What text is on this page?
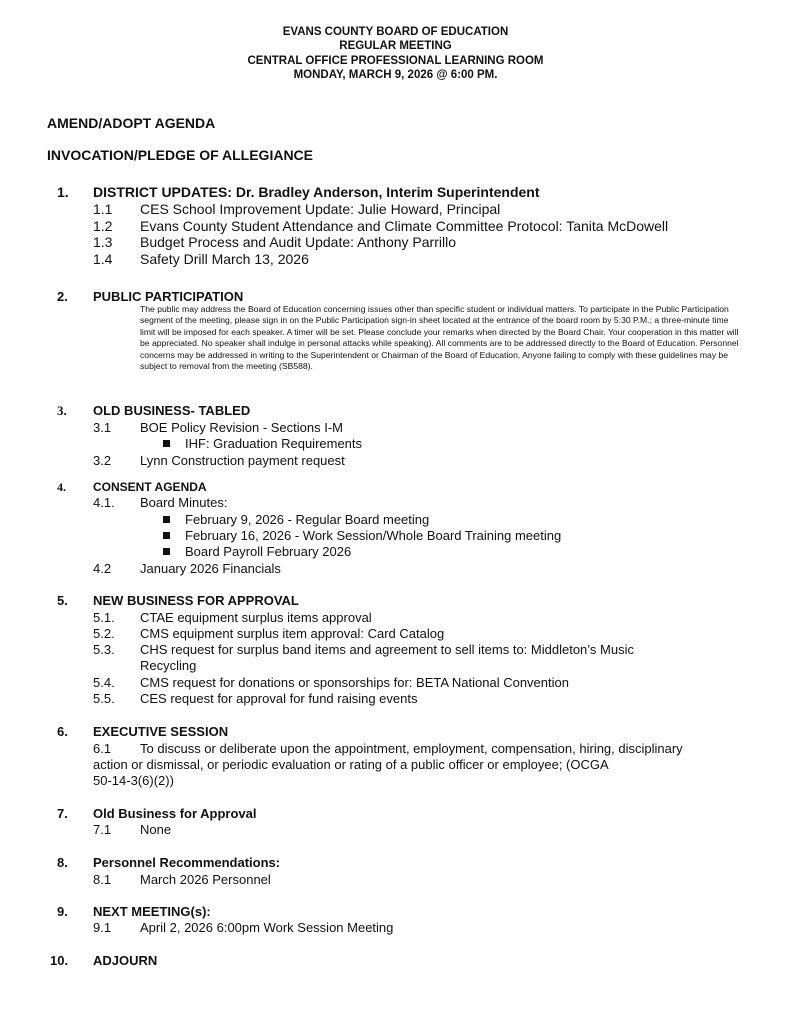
EVANS COUNTY BOARD OF EDUCATION
REGULAR MEETING
CENTRAL OFFICE PROFESSIONAL LEARNING ROOM
MONDAY, MARCH 9, 2026 @ 6:00 PM.
AMEND/ADOPT AGENDA
INVOCATION/PLEDGE OF ALLEGIANCE
1. DISTRICT UPDATES: Dr. Bradley Anderson, Interim Superintendent
1.1 CES School Improvement Update: Julie Howard, Principal
1.2 Evans County Student Attendance and Climate Committee Protocol: Tanita McDowell
1.3 Budget Process and Audit Update: Anthony Parrillo
1.4 Safety Drill March 13, 2026
2. PUBLIC PARTICIPATION
The public may address the Board of Education concerning issues other than specific student or individual matters. To participate in the Public Participation segment of the meeting, please sign in on the Public Participation sign-in sheet located at the entrance of the board room by 5:30 P.M.; a three-minute time limit will be imposed for each speaker. A timer will be set. Please conclude your remarks when directed by the Board Chair. Your cooperation in this matter will be appreciated. No speaker shall indulge in personal attacks while speaking). All comments are to be addressed directly to the Board of Education. Personnel concerns may be addressed in writing to the Superintendent or Chairman of the Board of Education. Anyone failing to comply with these guidelines may be subject to removal from the meeting (SB588).
3. OLD BUSINESS- TABLED
3.1 BOE Policy Revision - Sections I-M
IHF: Graduation Requirements
3.2 Lynn Construction payment request
4. CONSENT AGENDA
4.1. Board Minutes:
February 9, 2026 - Regular Board meeting
February 16, 2026 - Work Session/Whole Board Training meeting
Board Payroll February 2026
4.2 January 2026 Financials
5. NEW BUSINESS FOR APPROVAL
5.1. CTAE equipment surplus items approval
5.2. CMS equipment surplus item approval: Card Catalog
5.3. CHS request for surplus band items and agreement to sell items to: Middleton’s Music
Recycling
5.4. CMS request for donations or sponsorships for: BETA National Convention
5.5. CES request for approval for fund raising events
6. EXECUTIVE SESSION
6.1 To discuss or deliberate upon the appointment, employment, compensation, hiring, disciplinary
action or dismissal, or periodic evaluation or rating of a public officer or employee; (OCGA
50-14-3(6)(2))
7. Old Business for Approval
7.1 None
8. Personnel Recommendations:
8.1 March 2026 Personnel
9. NEXT MEETING(s):
9.1 April 2, 2026 6:00pm Work Session Meeting
10. ADJOURN
